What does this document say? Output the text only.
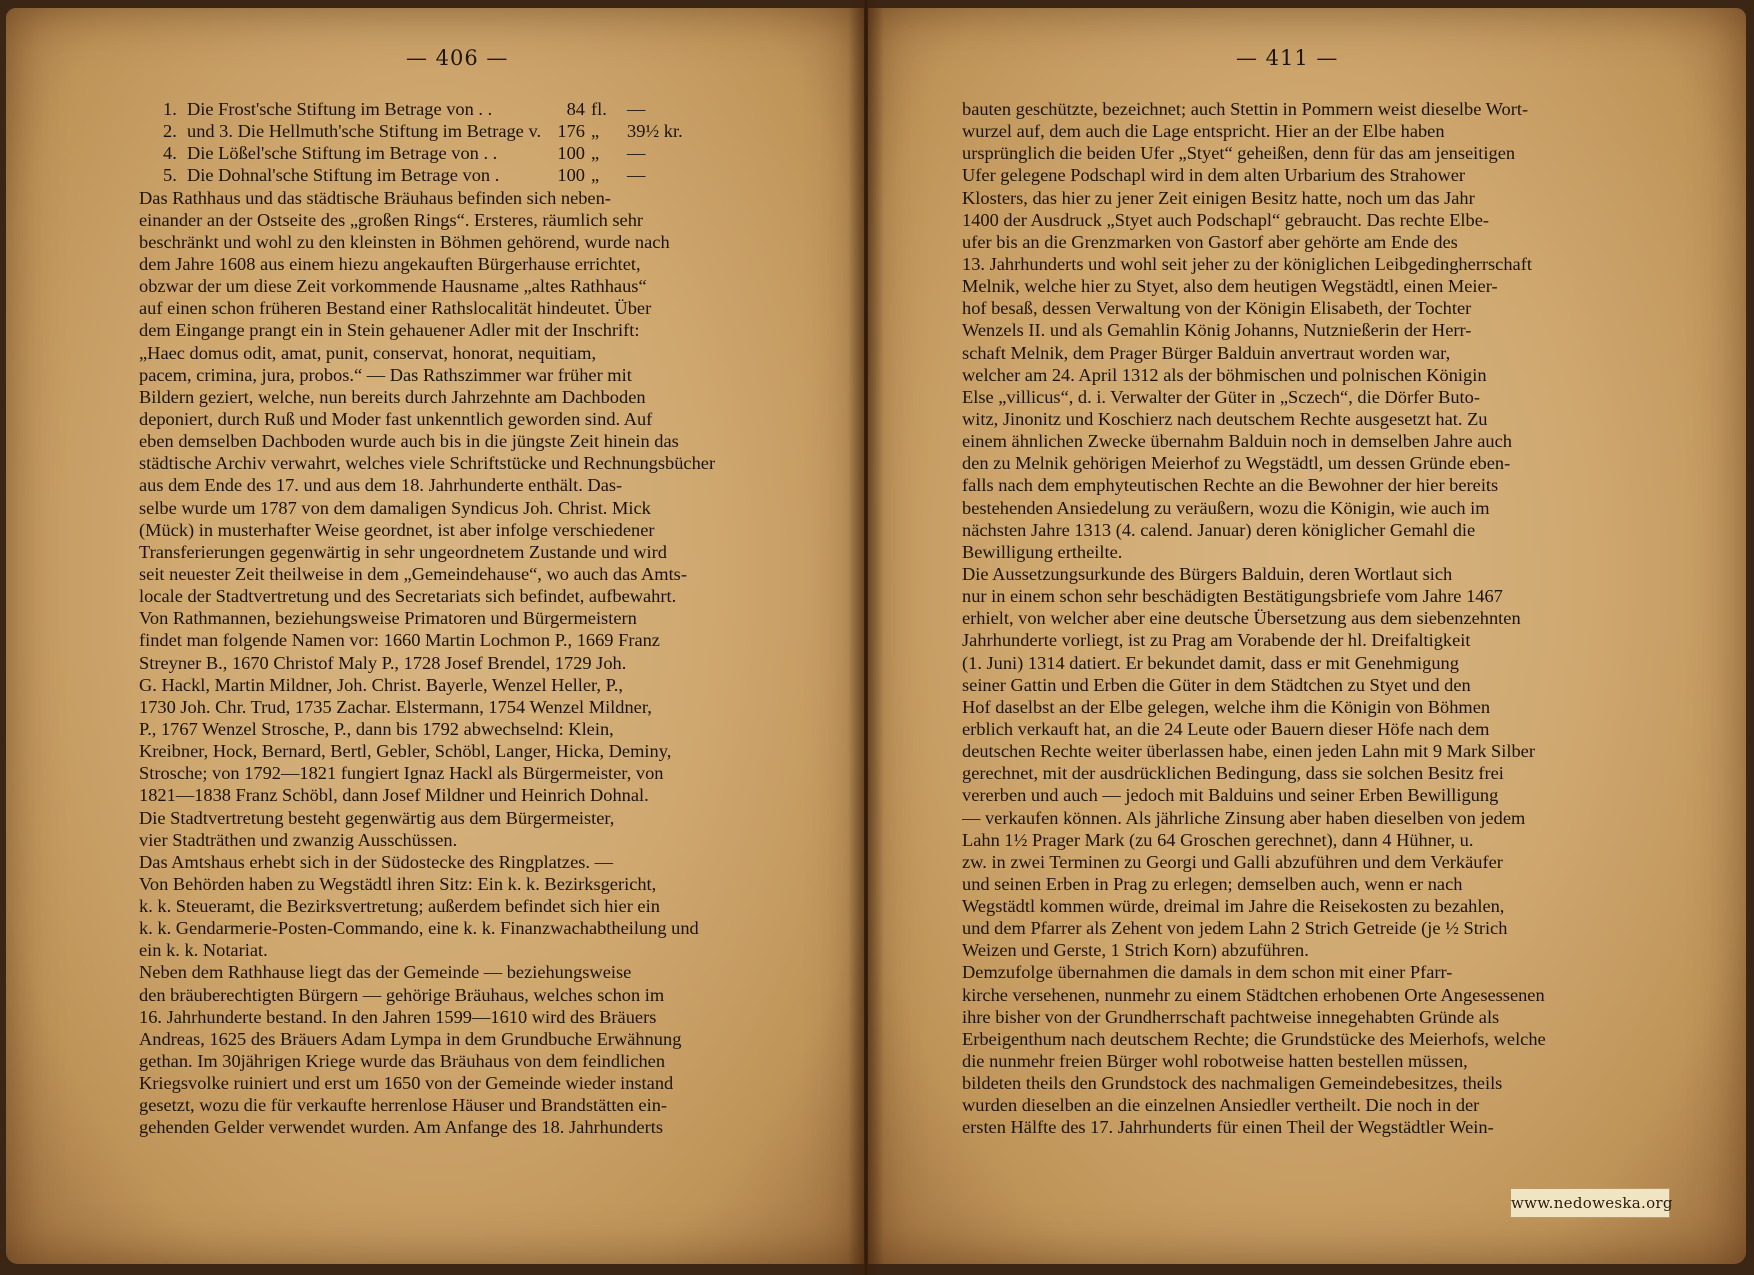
— 406 —
1. Die Frost'sche Stiftung im Betrage von . .	84 fl. —
2. und 3. Die Hellmuth'sche Stiftung im Betrage v. 176 „ 39½ kr.
4. Die Lößel'sche Stiftung im Betrage von . .	100 „ —
5. Die Dohnal'sche Stiftung im Betrage von .	100 „ —
Das Rathhaus und das städtische Bräuhaus befinden sich neben-
einander an der Ostseite des „großen Rings“. Ersteres, räumlich sehr
beschränkt und wohl zu den kleinsten in Böhmen gehörend, wurde nach
dem Jahre 1608 aus einem hiezu angekauften Bürgerhause errichtet,
obzwar der um diese Zeit vorkommende Hausname „altes Rathhaus“
auf einen schon früheren Bestand einer Rathslocalität hindeutet. Über
dem Eingange prangt ein in Stein gehauener Adler mit der Inschrift:
„Haec domus odit, amat, punit, conservat, honorat, nequitiam,
pacem, crimina, jura, probos.“ — Das Rathszimmer war früher mit
Bildern geziert, welche, nun bereits durch Jahrzehnte am Dachboden
deponiert, durch Ruß und Moder fast unkenntlich geworden sind. Auf
eben demselben Dachboden wurde auch bis in die jüngste Zeit hinein das
städtische Archiv verwahrt, welches viele Schriftstücke und Rechnungsbücher
aus dem Ende des 17. und aus dem 18. Jahrhunderte enthält. Das-
selbe wurde um 1787 von dem damaligen Syndicus Joh. Christ. Mick
(Mück) in musterhafter Weise geordnet, ist aber infolge verschiedener
Transferierungen gegenwärtig in sehr ungeordnetem Zustande und wird
seit neuester Zeit theilweise in dem „Gemeindehause“, wo auch das Amts-
locale der Stadtvertretung und des Secretariats sich befindet, aufbewahrt.
Von Rathmannen, beziehungsweise Primatoren und Bürgermeistern
findet man folgende Namen vor: 1660 Martin Lochmon P., 1669 Franz
Streyner B., 1670 Christof Maly P., 1728 Josef Brendel, 1729 Joh.
G. Hackl, Martin Mildner, Joh. Christ. Bayerle, Wenzel Heller, P.,
1730 Joh. Chr. Trud, 1735 Zachar. Elstermann, 1754 Wenzel Mildner,
P., 1767 Wenzel Strosche, P., dann bis 1792 abwechselnd: Klein,
Kreibner, Hock, Bernard, Bertl, Gebler, Schöbl, Langer, Hicka, Deminy,
Strosche; von 1792—1821 fungiert Ignaz Hackl als Bürgermeister, von
1821—1838 Franz Schöbl, dann Josef Mildner und Heinrich Dohnal.
Die Stadtvertretung besteht gegenwärtig aus dem Bürgermeister,
vier Stadträthen und zwanzig Ausschüssen.
Das Amtshaus erhebt sich in der Südostecke des Ringplatzes. —
Von Behörden haben zu Wegstädtl ihren Sitz: Ein k. k. Bezirksgericht,
k. k. Steueramt, die Bezirksvertretung; außerdem befindet sich hier ein
k. k. Gendarmerie-Posten-Commando, eine k. k. Finanzwachabtheilung und
ein k. k. Notariat.
Neben dem Rathhause liegt das der Gemeinde — beziehungsweise
den bräuberechtigten Bürgern — gehörige Bräuhaus, welches schon im
16. Jahrhunderte bestand. In den Jahren 1599—1610 wird des Bräuers
Andreas, 1625 des Bräuers Adam Lympa in dem Grundbuche Erwähnung
gethan. Im 30jährigen Kriege wurde das Bräuhaus von dem feindlichen
Kriegsvolke ruiniert und erst um 1650 von der Gemeinde wieder instand
gesetzt, wozu die für verkaufte herrenlose Häuser und Brandstätten ein-
gehenden Gelder verwendet wurden. Am Anfange des 18. Jahrhunderts
— 411 —
bauten geschützte, bezeichnet; auch Stettin in Pommern weist dieselbe Wort-
wurzel auf, dem auch die Lage entspricht. Hier an der Elbe haben
ursprünglich die beiden Ufer „Styet“ geheißen, denn für das am jenseitigen
Ufer gelegene Podschapl wird in dem alten Urbarium des Strahower
Klosters, das hier zu jener Zeit einigen Besitz hatte, noch um das Jahr
1400 der Ausdruck „Styet auch Podschapl“ gebraucht. Das rechte Elbe-
ufer bis an die Grenzmarken von Gastorf aber gehörte am Ende des
13. Jahrhunderts und wohl seit jeher zu der königlichen Leibgedingherrschaft
Melnik, welche hier zu Styet, also dem heutigen Wegstädtl, einen Meier-
hof besaß, dessen Verwaltung von der Königin Elisabeth, der Tochter
Wenzels II. und als Gemahlin König Johanns, Nutznießerin der Herr-
schaft Melnik, dem Prager Bürger Balduin anvertraut worden war,
welcher am 24. April 1312 als der böhmischen und polnischen Königin
Else „villicus“, d. i. Verwalter der Güter in „Sczech“, die Dörfer Buto-
witz, Jinonitz und Koschierz nach deutschem Rechte ausgesetzt hat. Zu
einem ähnlichen Zwecke übernahm Balduin noch in demselben Jahre auch
den zu Melnik gehörigen Meierhof zu Wegstädtl, um dessen Gründe eben-
falls nach dem emphyteutischen Rechte an die Bewohner der hier bereits
bestehenden Ansiedelung zu veräußern, wozu die Königin, wie auch im
nächsten Jahre 1313 (4. calend. Januar) deren königlicher Gemahl die
Bewilligung ertheilte.
Die Aussetzungsurkunde des Bürgers Balduin, deren Wortlaut sich
nur in einem schon sehr beschädigten Bestätigungsbriefe vom Jahre 1467
erhielt, von welcher aber eine deutsche Übersetzung aus dem siebenzehnten
Jahrhunderte vorliegt, ist zu Prag am Vorabende der hl. Dreifaltigkeit
(1. Juni) 1314 datiert. Er bekundet damit, dass er mit Genehmigung
seiner Gattin und Erben die Güter in dem Städtchen zu Styet und den
Hof daselbst an der Elbe gelegen, welche ihm die Königin von Böhmen
erblich verkauft hat, an die 24 Leute oder Bauern dieser Höfe nach dem
deutschen Rechte weiter überlassen habe, einen jeden Lahn mit 9 Mark Silber
gerechnet, mit der ausdrücklichen Bedingung, dass sie solchen Besitz frei
vererben und auch — jedoch mit Balduins und seiner Erben Bewilligung
— verkaufen können. Als jährliche Zinsung aber haben dieselben von jedem
Lahn 1½ Prager Mark (zu 64 Groschen gerechnet), dann 4 Hühner, u.
zw. in zwei Terminen zu Georgi und Galli abzuführen und dem Verkäufer
und seinen Erben in Prag zu erlegen; demselben auch, wenn er nach
Wegstädtl kommen würde, dreimal im Jahre die Reisekosten zu bezahlen,
und dem Pfarrer als Zehent von jedem Lahn 2 Strich Getreide (je ½ Strich
Weizen und Gerste, 1 Strich Korn) abzuführen.
Demzufolge übernahmen die damals in dem schon mit einer Pfarr-
kirche versehenen, nunmehr zu einem Städtchen erhobenen Orte Angesessenen
ihre bisher von der Grundherrschaft pachtweise innegehabten Gründe als
Erbeigenthum nach deutschem Rechte; die Grundstücke des Meierhofs, welche
die nunmehr freien Bürger wohl robotweise hatten bestellen müssen,
bildeten theils den Grundstock des nachmaligen Gemeindebesitzes, theils
wurden dieselben an die einzelnen Ansiedler vertheilt. Die noch in der
ersten Hälfte des 17. Jahrhunderts für einen Theil der Wegstädtler Wein-
www.nedoweska.org
